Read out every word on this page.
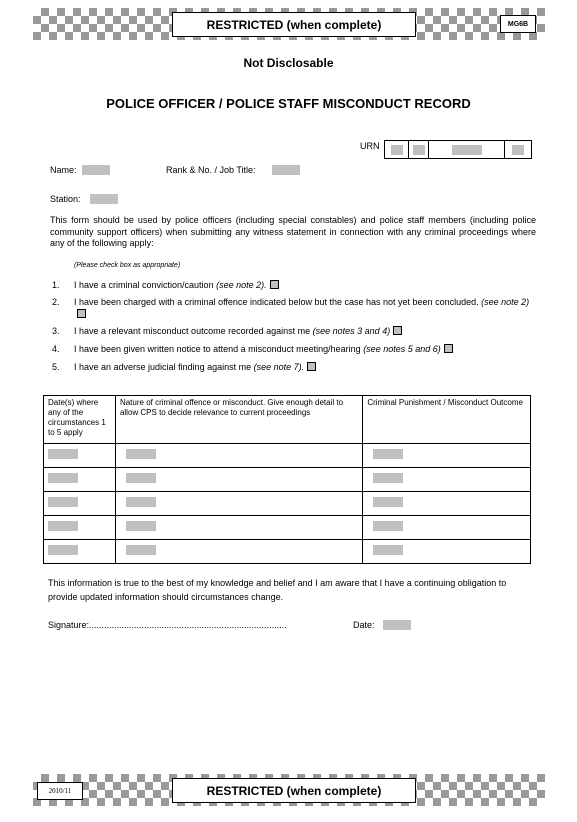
RESTRICTED (when complete)	MG6B
Not Disclosable
POLICE OFFICER / POLICE STAFF MISCONDUCT RECORD
URN
Name:	Rank & No. / Job Title:
Station:
This form should be used by police officers (including special constables) and police staff members (including police community support officers) when submitting any witness statement in connection with any criminal proceedings where any of the following apply:
(Please check box as appropriate)
1. I have a criminal conviction/caution (see note 2).
2. I have been charged with a criminal offence indicated below but the case has not yet been concluded. (see note 2)
3. I have a relevant misconduct outcome recorded against me (see notes 3 and 4)
4. I have been given written notice to attend a misconduct meeting/hearing (see notes 5 and 6)
5. I have an adverse judicial finding against me (see note 7).
Date(s) where any of the circumstances 1 to 5 apply	Nature of criminal offence or misconduct. Give enough detail to allow CPS to decide relevance to current proceedings	Criminal Punishment / Misconduct Outcome

This information is true to the best of my knowledge and belief and I am aware that I have a continuing obligation to provide updated information should circumstances change.
Signature:...............................................................................	Date:
2010/11	RESTRICTED (when complete)
